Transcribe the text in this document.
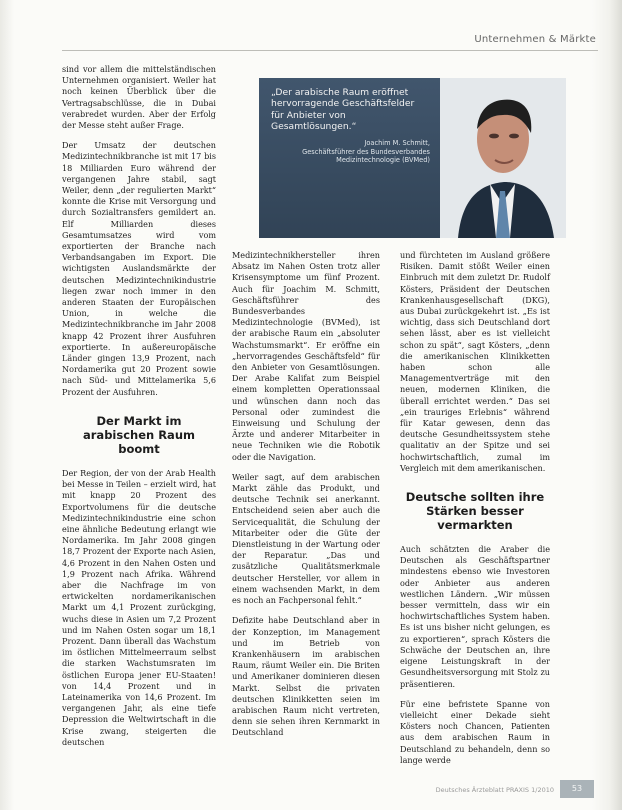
Unternehmen & Märkte

sind vor allem die mittelständischen Unternehmen organisiert. Weiler hat noch keinen Überblick über die Vertragsabschlüsse, die in Dubai verabredet wurden. Aber der Erfolg der Messe steht außer Frage.

Der Umsatz der deutschen Medizintechnikbranche ist mit 17 bis 18 Milliarden Euro während der vergangenen Jahre stabil, sagt Weiler, denn „der regulierten Markt“ konnte die Krise mit Versorgung und durch Sozialtransfers gemildert an. Elf Milliarden dieses Gesamtumsatzes wird vom exportierten der Branche nach Verbandsangaben im Export. Die wichtigsten Auslandsmärkte der deutschen Medizintechnikindustrie liegen zwar noch immer in den anderen Staaten der Europäischen Union, in welche die Medizintechnikbranche im Jahr 2008 knapp 42 Prozent ihrer Ausfuhren exportierte. In außereuropäische Länder gingen 13,9 Prozent, nach Nordamerika gut 20 Prozent sowie nach Süd- und Mittelamerika 5,6 Prozent der Ausfuhren.

Der Markt im arabischen Raum boomt

Der Region, der von der Arab Health bei Messe in Teilen – erzielt wird, hat mit knapp 20 Prozent des Exportvolumens für die deutsche Medizintechnikindustrie eine schon eine ähnliche Bedeutung erlangt wie Nordamerika. Im Jahr 2008 gingen 18,7 Prozent der Exporte nach Asien, 4,6 Prozent in den Nahen Osten und 1,9 Prozent nach Afrika. Während aber die Nachfrage im von ertwickelten nordamerikanischen Markt um 4,1 Prozent zurückging, wuchs diese in Asien um 7,2 Prozent und im Nahen Osten sogar um 18,1 Prozent. Dann überall das Wachstum im östlichen Mittelmeerraum selbst die starken Wachstumsraten im östlichen Europa jener EU-Staaten! von 14,4 Prozent und in Lateinamerika von 14,6 Prozent. Im vergangenen Jahr, als eine tiefe Depression die Weltwirtschaft in die Krise zwang, steigerten die deutschen

„Der arabische Raum eröffnet hervorragende Geschäftsfelder für Anbieter von Gesamtlösungen.“
Joachim M. Schmitt,
Geschäftsführer des Bundesverbandes Medizintechnologie (BVMed)

Medizintechnikhersteller ihren Absatz im Nahen Osten trotz aller Krisensymptome um fünf Prozent. Auch für Joachim M. Schmitt, Geschäftsführer des Bundesverbandes Medizintechnologie (BVMed), ist der arabische Raum ein „absoluter Wachstumsmarkt“. Er eröffne ein „hervorragendes Geschäftsfeld“ für den Anbieter von Gesamtlösungen. Der Arabe Kalifat zum Beispiel einem kompletten Operationssaal und wünschen dann noch das Personal oder zumindest die Einweisung und Schulung der Ärzte und anderer Mitarbeiter in neue Techniken wie die Robotik oder die Navigation.

Weiler sagt, auf dem arabischen Markt zähle das Produkt, und deutsche Technik sei anerkannt. Entscheidend seien aber auch die Servicequalität, die Schulung der Mitarbeiter oder die Güte der Dienstleistung in der Wartung oder der Reparatur. „Das und zusätzliche Qualitätsmerkmale deutscher Hersteller, vor allem in einem wachsenden Markt, in dem es noch an Fachpersonal fehlt.“

Defizite habe Deutschland aber in der Konzeption, im Management und im Betrieb von Krankenhäusern im arabischen Raum, räumt Weiler ein. Die Briten und Amerikaner dominieren diesen Markt. Selbst die privaten deutschen Klinikketten seien im arabischen Raum nicht vertreten, denn sie sehen ihren Kernmarkt in Deutschland

und fürchteten im Ausland größere Risiken. Damit stößt Weiler einen Einbruch mit dem zuletzt Dr. Rudolf Kösters, Präsident der Deutschen Krankenhausgesellschaft (DKG), aus Dubai zurückgekehrt ist. „Es ist wichtig, dass sich Deutschland dort sehen lässt, aber es ist vielleicht schon zu spät“, sagt Kösters, „denn die amerikanischen Klinikketten haben schon alle Managementverträge mit den neuen, modernen Kliniken, die überall errichtet werden.“ Das sei „ein trauriges Erlebnis“ während für Katar gewesen, denn das deutsche Gesundheitssystem stehe qualitativ an der Spitze und sei hochwirtschaftlich, zumal im Vergleich mit dem amerikanischen.

Deutsche sollten ihre Stärken besser vermarkten

Auch schätzten die Araber die Deutschen als Geschäftspartner mindestens ebenso wie Investoren oder Anbieter aus anderen westlichen Ländern. „Wir müssen besser vermitteln, dass wir ein hochwirtschaftliches System haben. Es ist uns bisher nicht gelungen, es zu exportieren“, sprach Kösters die Schwäche der Deutschen an, ihre eigene Leistungskraft in der Gesundheitsversorgung mit Stolz zu präsentieren.

Für eine befristete Spanne von vielleicht einer Dekade sieht Kösters noch Chancen, Patienten aus dem arabischen Raum in Deutschland zu behandeln, denn so lange werde

Deutsches Ärzteblatt PRAXIS 1/2010	53
